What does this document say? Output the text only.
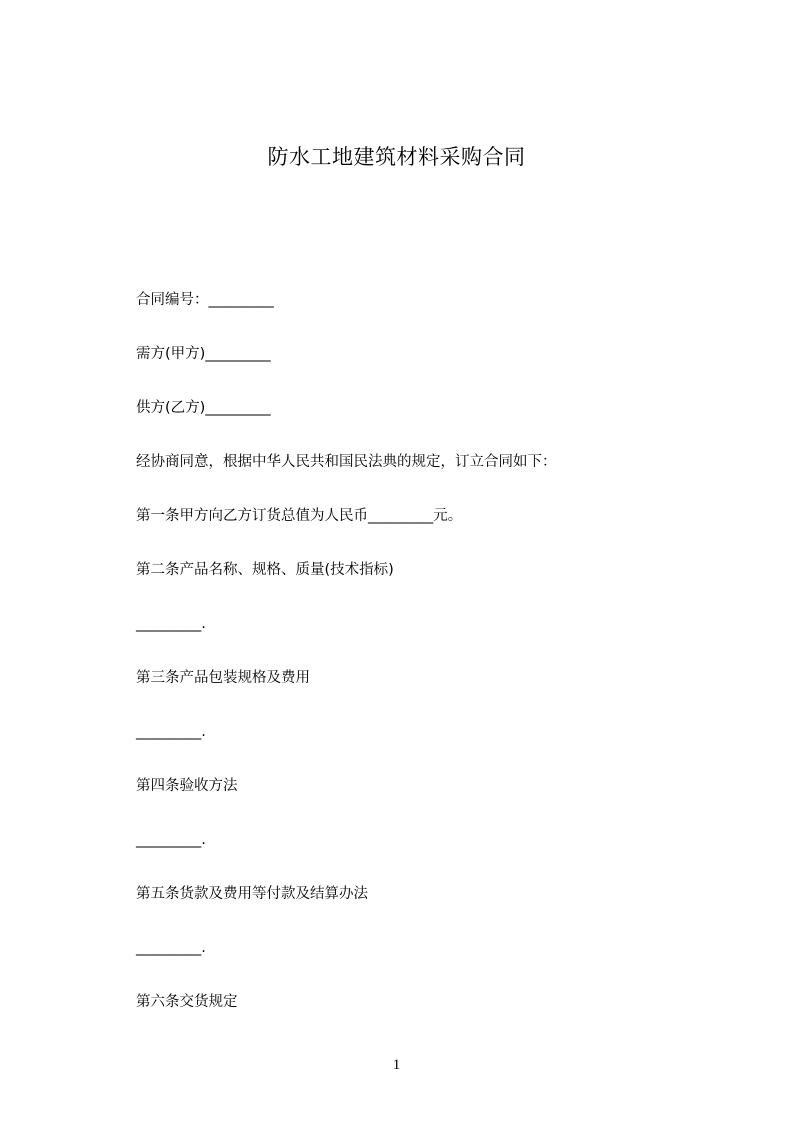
防水工地建筑材料采购合同

合同编号：_________

需方(甲方)_________

供方(乙方)_________

经协商同意，根据中华人民共和国民法典的规定，订立合同如下：

第一条甲方向乙方订货总值为人民币_________元。

第二条产品名称、规格、质量(技术指标)

_________.

第三条产品包装规格及费用

_________.

第四条验收方法

_________.

第五条货款及费用等付款及结算办法

_________.

第六条交货规定

1
